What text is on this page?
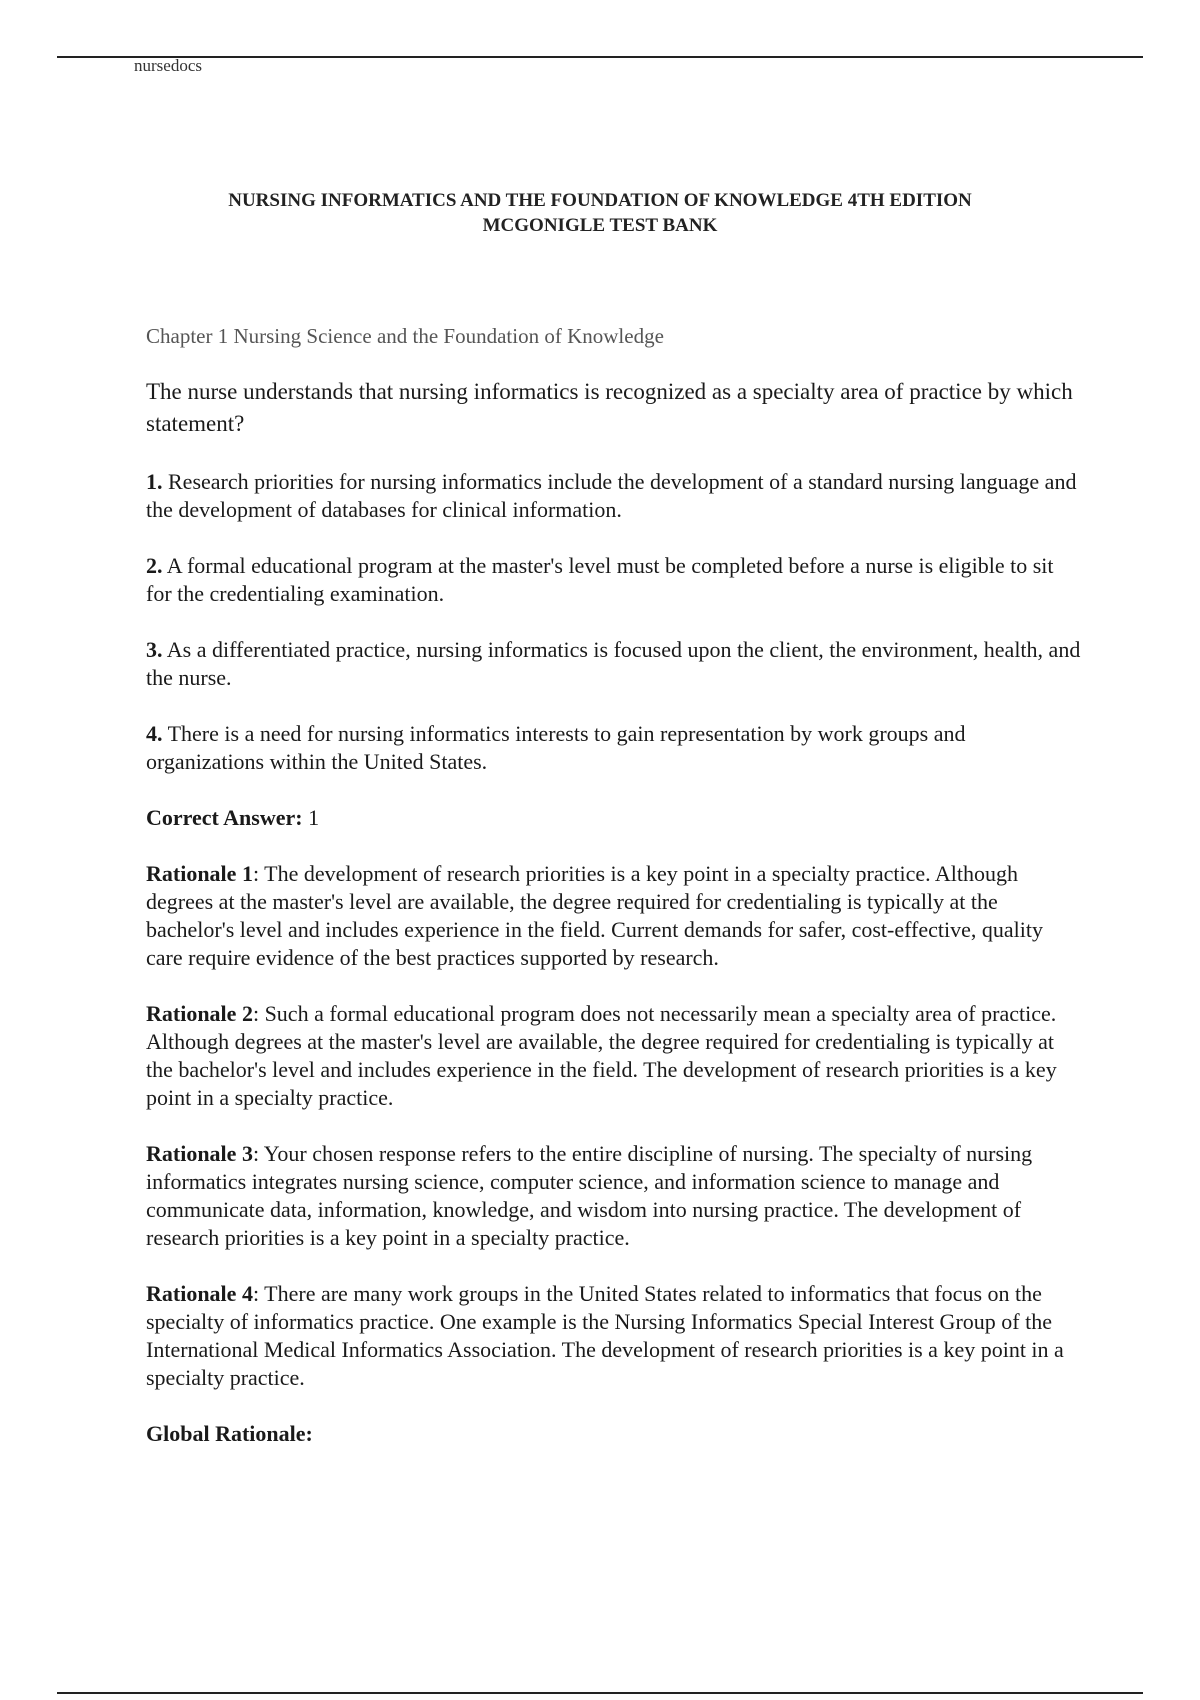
nursedocs
NURSING INFORMATICS AND THE FOUNDATION OF KNOWLEDGE 4TH EDITION
MCGONIGLE TEST BANK
Chapter 1 Nursing Science and the Foundation of Knowledge
The nurse understands that nursing informatics is recognized as a specialty area of practice by which statement?
1. Research priorities for nursing informatics include the development of a standard nursing language and the development of databases for clinical information.
2. A formal educational program at the master's level must be completed before a nurse is eligible to sit for the credentialing examination.
3. As a differentiated practice, nursing informatics is focused upon the client, the environment, health, and the nurse.
4. There is a need for nursing informatics interests to gain representation by work groups and organizations within the United States.
Correct Answer: 1
Rationale 1: The development of research priorities is a key point in a specialty practice. Although degrees at the master's level are available, the degree required for credentialing is typically at the bachelor's level and includes experience in the field. Current demands for safer, cost-effective, quality care require evidence of the best practices supported by research.
Rationale 2: Such a formal educational program does not necessarily mean a specialty area of practice. Although degrees at the master's level are available, the degree required for credentialing is typically at the bachelor's level and includes experience in the field. The development of research priorities is a key point in a specialty practice.
Rationale 3: Your chosen response refers to the entire discipline of nursing. The specialty of nursing informatics integrates nursing science, computer science, and information science to manage and communicate data, information, knowledge, and wisdom into nursing practice. The development of research priorities is a key point in a specialty practice.
Rationale 4: There are many work groups in the United States related to informatics that focus on the specialty of informatics practice. One example is the Nursing Informatics Special Interest Group of the International Medical Informatics Association. The development of research priorities is a key point in a specialty practice.
Global Rationale:
